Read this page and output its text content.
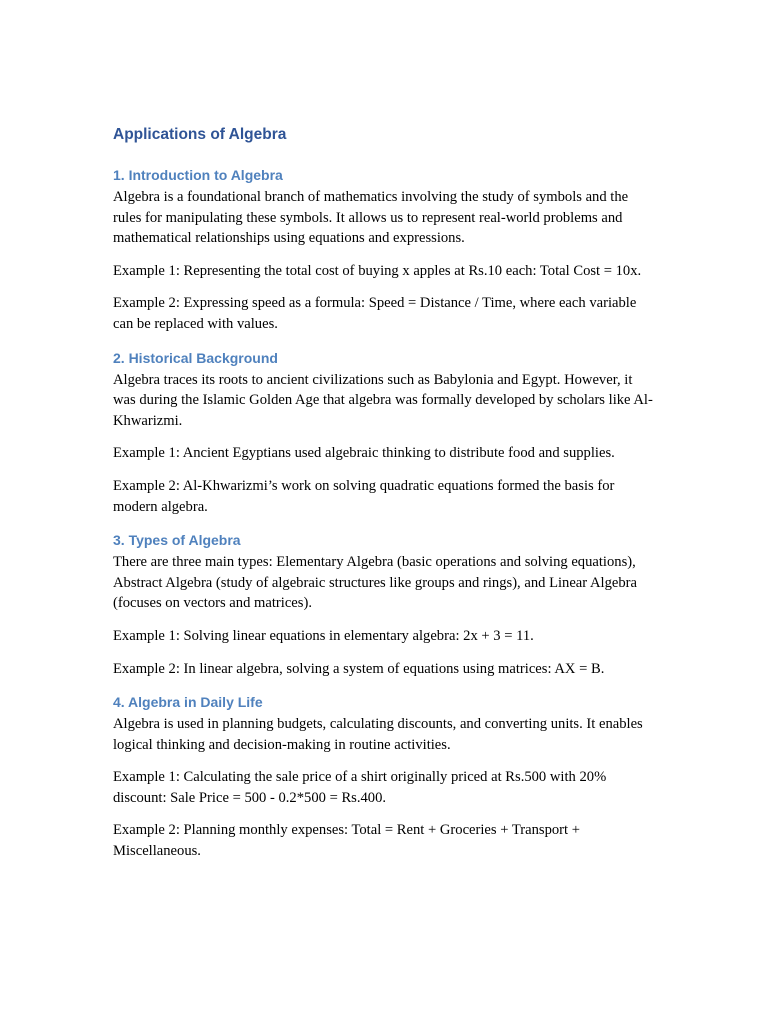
Applications of Algebra
1. Introduction to Algebra

Algebra is a foundational branch of mathematics involving the study of symbols and the rules for manipulating these symbols. It allows us to represent real-world problems and mathematical relationships using equations and expressions.

Example 1: Representing the total cost of buying x apples at Rs.10 each: Total Cost = 10x.

Example 2: Expressing speed as a formula: Speed = Distance / Time, where each variable can be replaced with values.

2. Historical Background

Algebra traces its roots to ancient civilizations such as Babylonia and Egypt. However, it was during the Islamic Golden Age that algebra was formally developed by scholars like Al-Khwarizmi.

Example 1: Ancient Egyptians used algebraic thinking to distribute food and supplies.

Example 2: Al-Khwarizmi’s work on solving quadratic equations formed the basis for modern algebra.

3. Types of Algebra

There are three main types: Elementary Algebra (basic operations and solving equations), Abstract Algebra (study of algebraic structures like groups and rings), and Linear Algebra (focuses on vectors and matrices).

Example 1: Solving linear equations in elementary algebra: 2x + 3 = 11.

Example 2: In linear algebra, solving a system of equations using matrices: AX = B.

4. Algebra in Daily Life

Algebra is used in planning budgets, calculating discounts, and converting units. It enables logical thinking and decision-making in routine activities.

Example 1: Calculating the sale price of a shirt originally priced at Rs.500 with 20% discount: Sale Price = 500 - 0.2*500 = Rs.400.

Example 2: Planning monthly expenses: Total = Rent + Groceries + Transport + Miscellaneous.
